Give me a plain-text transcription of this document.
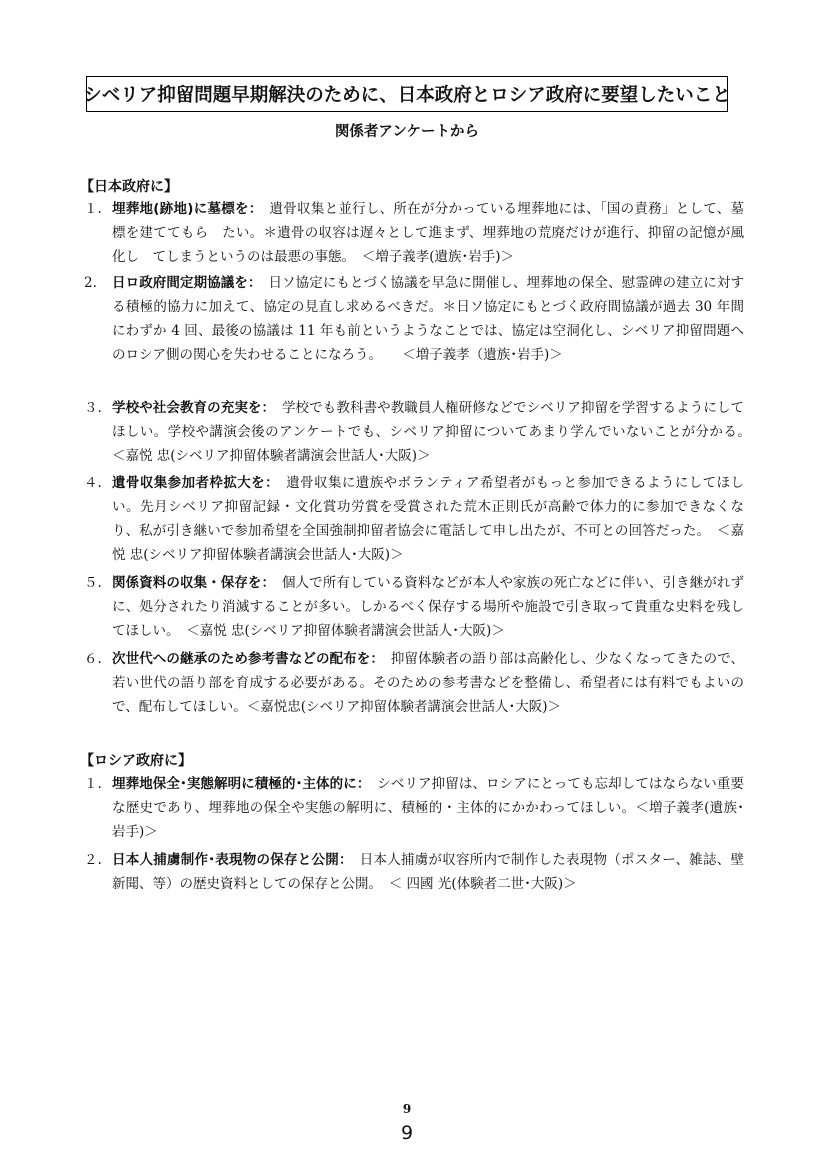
シベリア抑留問題早期解決のために、日本政府とロシア政府に要望したいこと
関係者アンケートから
【日本政府に】
１. 埋葬地(跡地)に墓標を：　遺骨収集と並行し、所在が分かっている埋葬地には、「国の責務」として、墓標を建ててもら　たい。＊遺骨の収容は遅々として進まず、埋葬地の荒廃だけが進行、抑留の記憶が風化し　てしまうというのは最悪の事態。　＜増子義孝(遺族･岩手)＞
2.	日ロ政府間定期協議を：　日ソ協定にもとづく協議を早急に開催し、埋葬地の保全、慰霊碑の建立に対する積極的協力に加えて、協定の見直し求めるべきだ。＊日ソ協定にもとづく政府間協議が過去 30 年間にわずか 4 回、最後の協議は 11 年も前というようなことでは、協定は空洞化し、シベリア抑留問題へのロシア側の関心を失わせることになろう。　　＜増子義孝（遺族･岩手)＞
３. 学校や社会教育の充実を：　学校でも教科書や教職員人権研修などでシベリア抑留を学習するようにしてほしい。学校や講演会後のアンケートでも、シベリア抑留についてあまり学んでいないことが分かる。　＜嘉悦 忠(シベリア抑留体験者講演会世話人･大阪)＞
４. 遺骨収集参加者枠拡大を：　遺骨収集に遺族やボランティア希望者がもっと参加できるようにしてほしい。先月シベリア抑留記録・文化賞功労賞を受賞された荒木正則氏が高齢で体力的に参加できなくなり、私が引き継いで参加希望を全国強制抑留者協会に電話して申し出たが、不可との回答だった。　＜嘉悦 忠(シベリア抑留体験者講演会世話人･大阪)＞
５. 関係資料の収集・保存を：　個人で所有している資料などが本人や家族の死亡などに伴い、引き継がれずに、処分されたり消滅することが多い。しかるべく保存する場所や施設で引き取って貴重な史料を残してほしい。　＜嘉悦 忠(シベリア抑留体験者講演会世話人･大阪)＞
６. 次世代への継承のため参考書などの配布を：　抑留体験者の語り部は高齢化し、少なくなってきたので、若い世代の語り部を育成する必要がある。そのための参考書などを整備し、希望者には有料でもよいので、配布してほしい。＜嘉悦忠(シベリア抑留体験者講演会世話人･大阪)＞
【ロシア政府に】
１. 埋葬地保全･実態解明に積極的･主体的に：　シベリア抑留は、ロシアにとっても忘却してはならない重要な歴史であり、埋葬地の保全や実態の解明に、積極的・主体的にかかわってほしい。＜増子義孝(遺族･岩手)＞
２. 日本人捕虜制作･表現物の保存と公開：　日本人捕虜が収容所内で制作した表現物（ポスター、雑誌、壁新聞、等）の歴史資料としての保存と公開。　＜ 四國 光(体験者二世･大阪)＞
9
9
